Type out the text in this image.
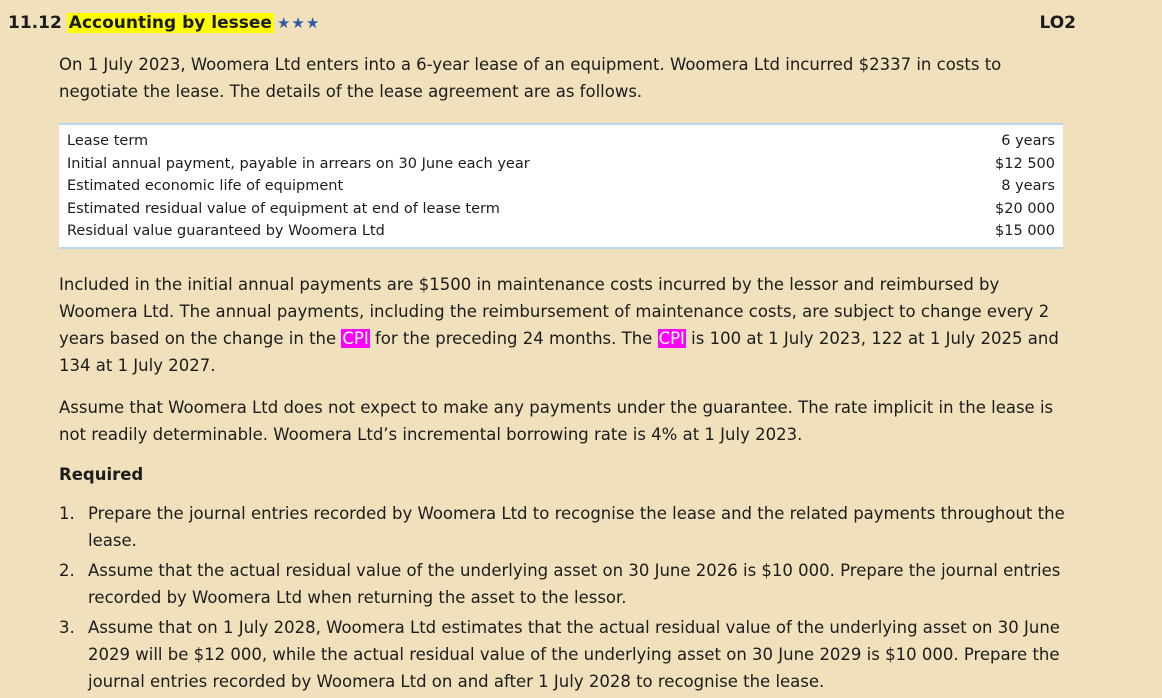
11.12 Accounting by lessee ★★★	LO2

On 1 July 2023, Woomera Ltd enters into a 6-year lease of an equipment. Woomera Ltd incurred $2337 in costs to negotiate the lease. The details of the lease agreement are as follows.

Lease term	6 years
Initial annual payment, payable in arrears on 30 June each year	$12 500
Estimated economic life of equipment	8 years
Estimated residual value of equipment at end of lease term	$20 000
Residual value guaranteed by Woomera Ltd	$15 000

Included in the initial annual payments are $1500 in maintenance costs incurred by the lessor and reimbursed by Woomera Ltd. The annual payments, including the reimbursement of maintenance costs, are subject to change every 2 years based on the change in the CPI for the preceding 24 months. The CPI is 100 at 1 July 2023, 122 at 1 July 2025 and 134 at 1 July 2027.

Assume that Woomera Ltd does not expect to make any payments under the guarantee. The rate implicit in the lease is not readily determinable. Woomera Ltd’s incremental borrowing rate is 4% at 1 July 2023.

Required

1. Prepare the journal entries recorded by Woomera Ltd to recognise the lease and the related payments throughout the lease.
2. Assume that the actual residual value of the underlying asset on 30 June 2026 is $10 000. Prepare the journal entries recorded by Woomera Ltd when returning the asset to the lessor.
3. Assume that on 1 July 2028, Woomera Ltd estimates that the actual residual value of the underlying asset on 30 June 2029 will be $12 000, while the actual residual value of the underlying asset on 30 June 2029 is $10 000. Prepare the journal entries recorded by Woomera Ltd on and after 1 July 2028 to recognise the lease.
